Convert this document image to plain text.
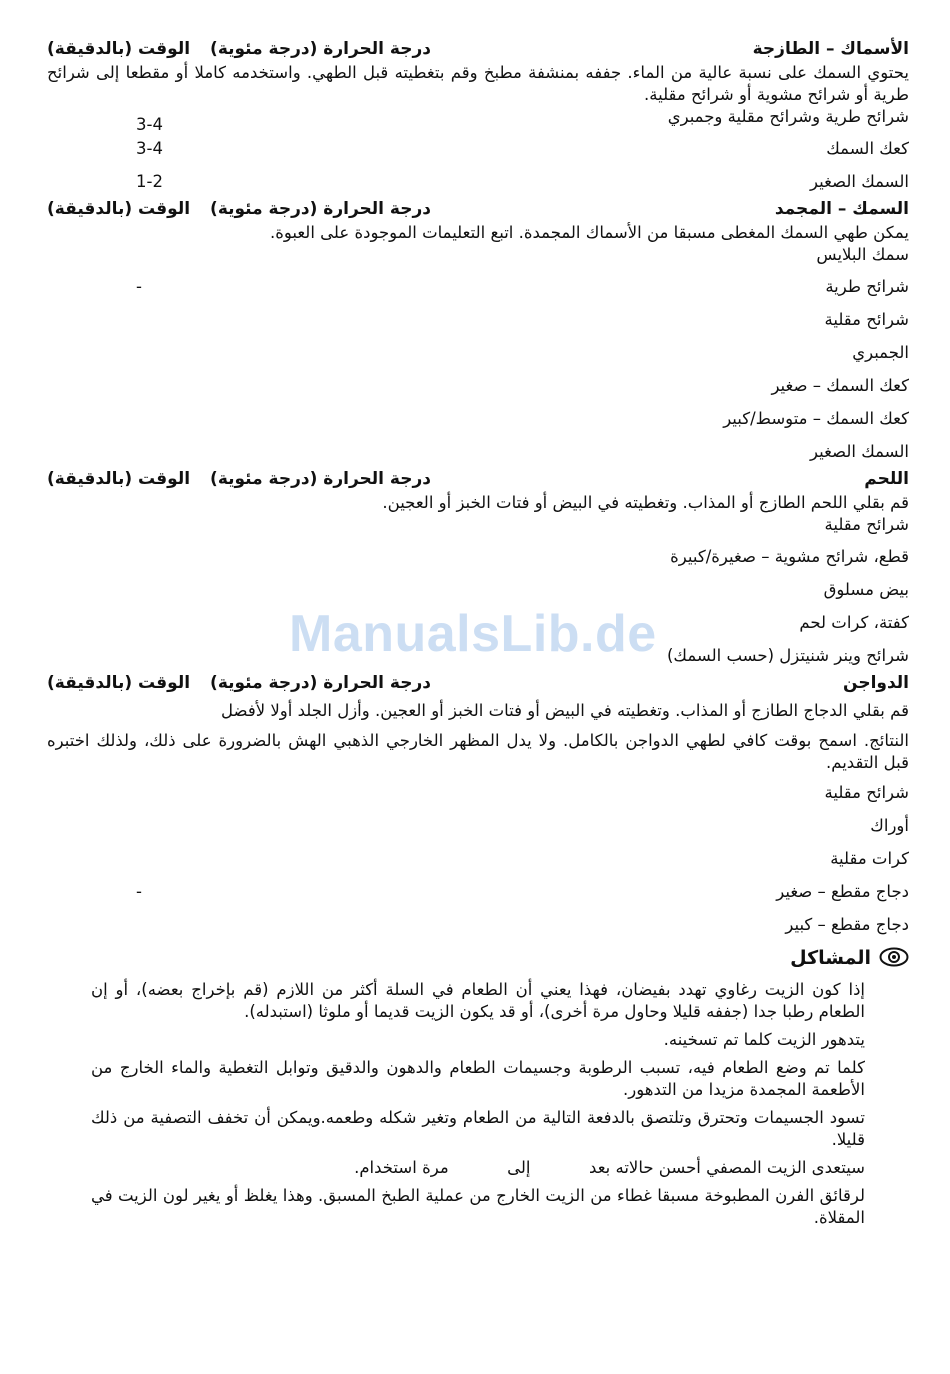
ManualsLib.de
الأسماك – الطازجة
درجة الحرارة (درجة مئوية)
الوقت (بالدقيقة)
يحتوي السمك على نسبة عالية من الماء. جففه بمنشفة مطبخ وقم بتغطيته قبل الطهي. واستخدمه كاملا أو مقطعا إلى شرائح طرية أو شرائح مشوية أو شرائح مقلية.
شرائح طرية وشرائح مقلية وجمبري
3-4
كعك السمك
3-4
السمك الصغير
1-2
السمك – المجمد
درجة الحرارة (درجة مئوية)
الوقت (بالدقيقة)
يمكن طهي السمك المغطى مسبقا من الأسماك المجمدة. اتبع التعليمات الموجودة على العبوة.
سمك البلايس
شرائح طرية
-
شرائح مقلية
الجمبري
كعك السمك – صغير
كعك السمك – متوسط/كبير
السمك الصغير
اللحم
درجة الحرارة (درجة مئوية)
الوقت (بالدقيقة)
قم بقلي اللحم الطازج أو المذاب. وتغطيته في البيض أو فتات الخبز أو العجين.
شرائح مقلية
قطع، شرائح مشوية – صغيرة/كبيرة
بيض مسلوق
كفتة، كرات لحم
شرائح وينر شنيتزل (حسب السمك)
الدواجن
درجة الحرارة (درجة مئوية)
الوقت (بالدقيقة)
قم بقلي الدجاج الطازج أو المذاب. وتغطيته في البيض أو فتات الخبز أو العجين. وأزل الجلد أولا لأفضل
النتائج. اسمح بوقت كافي لطهي الدواجن بالكامل. ولا يدل المظهر الخارجي الذهبي الهش بالضرورة على ذلك، ولذلك اختبره قبل التقديم.
شرائح مقلية
أوراك
كرات مقلية
دجاج مقطع – صغير
-
دجاج مقطع – كبير
المشاكل

إذا كون الزيت رغاوي تهدد بفيضان، فهذا يعني أن الطعام في السلة أكثر من اللازم (قم بإخراج بعضه)، أو إن الطعام رطبا جدا (جففه قليلا وحاول مرة أخرى)، أو قد يكون الزيت قديما أو ملوثا (استبدله).

يتدهور الزيت كلما تم تسخينه.

كلما تم وضع الطعام فيه، تسبب الرطوبة وجسيمات الطعام والدهون والدقيق وتوابل التغطية والماء الخارج من الأطعمة المجمدة مزيدا من التدهور.

تسود الجسيمات وتحترق وتلتصق بالدفعة التالية من الطعام وتغير شكله وطعمه.ويمكن أن تخفف التصفية من ذلك قليلا.

سيتعدى الزيت المصفي أحسن حالاته بعد  إلى  مرة استخدام.

لرقائق الفرن المطبوخة مسبقا غطاء من الزيت الخارج من عملية الطبخ المسبق. وهذا يغلظ أو يغير لون الزيت في المقلاة.
